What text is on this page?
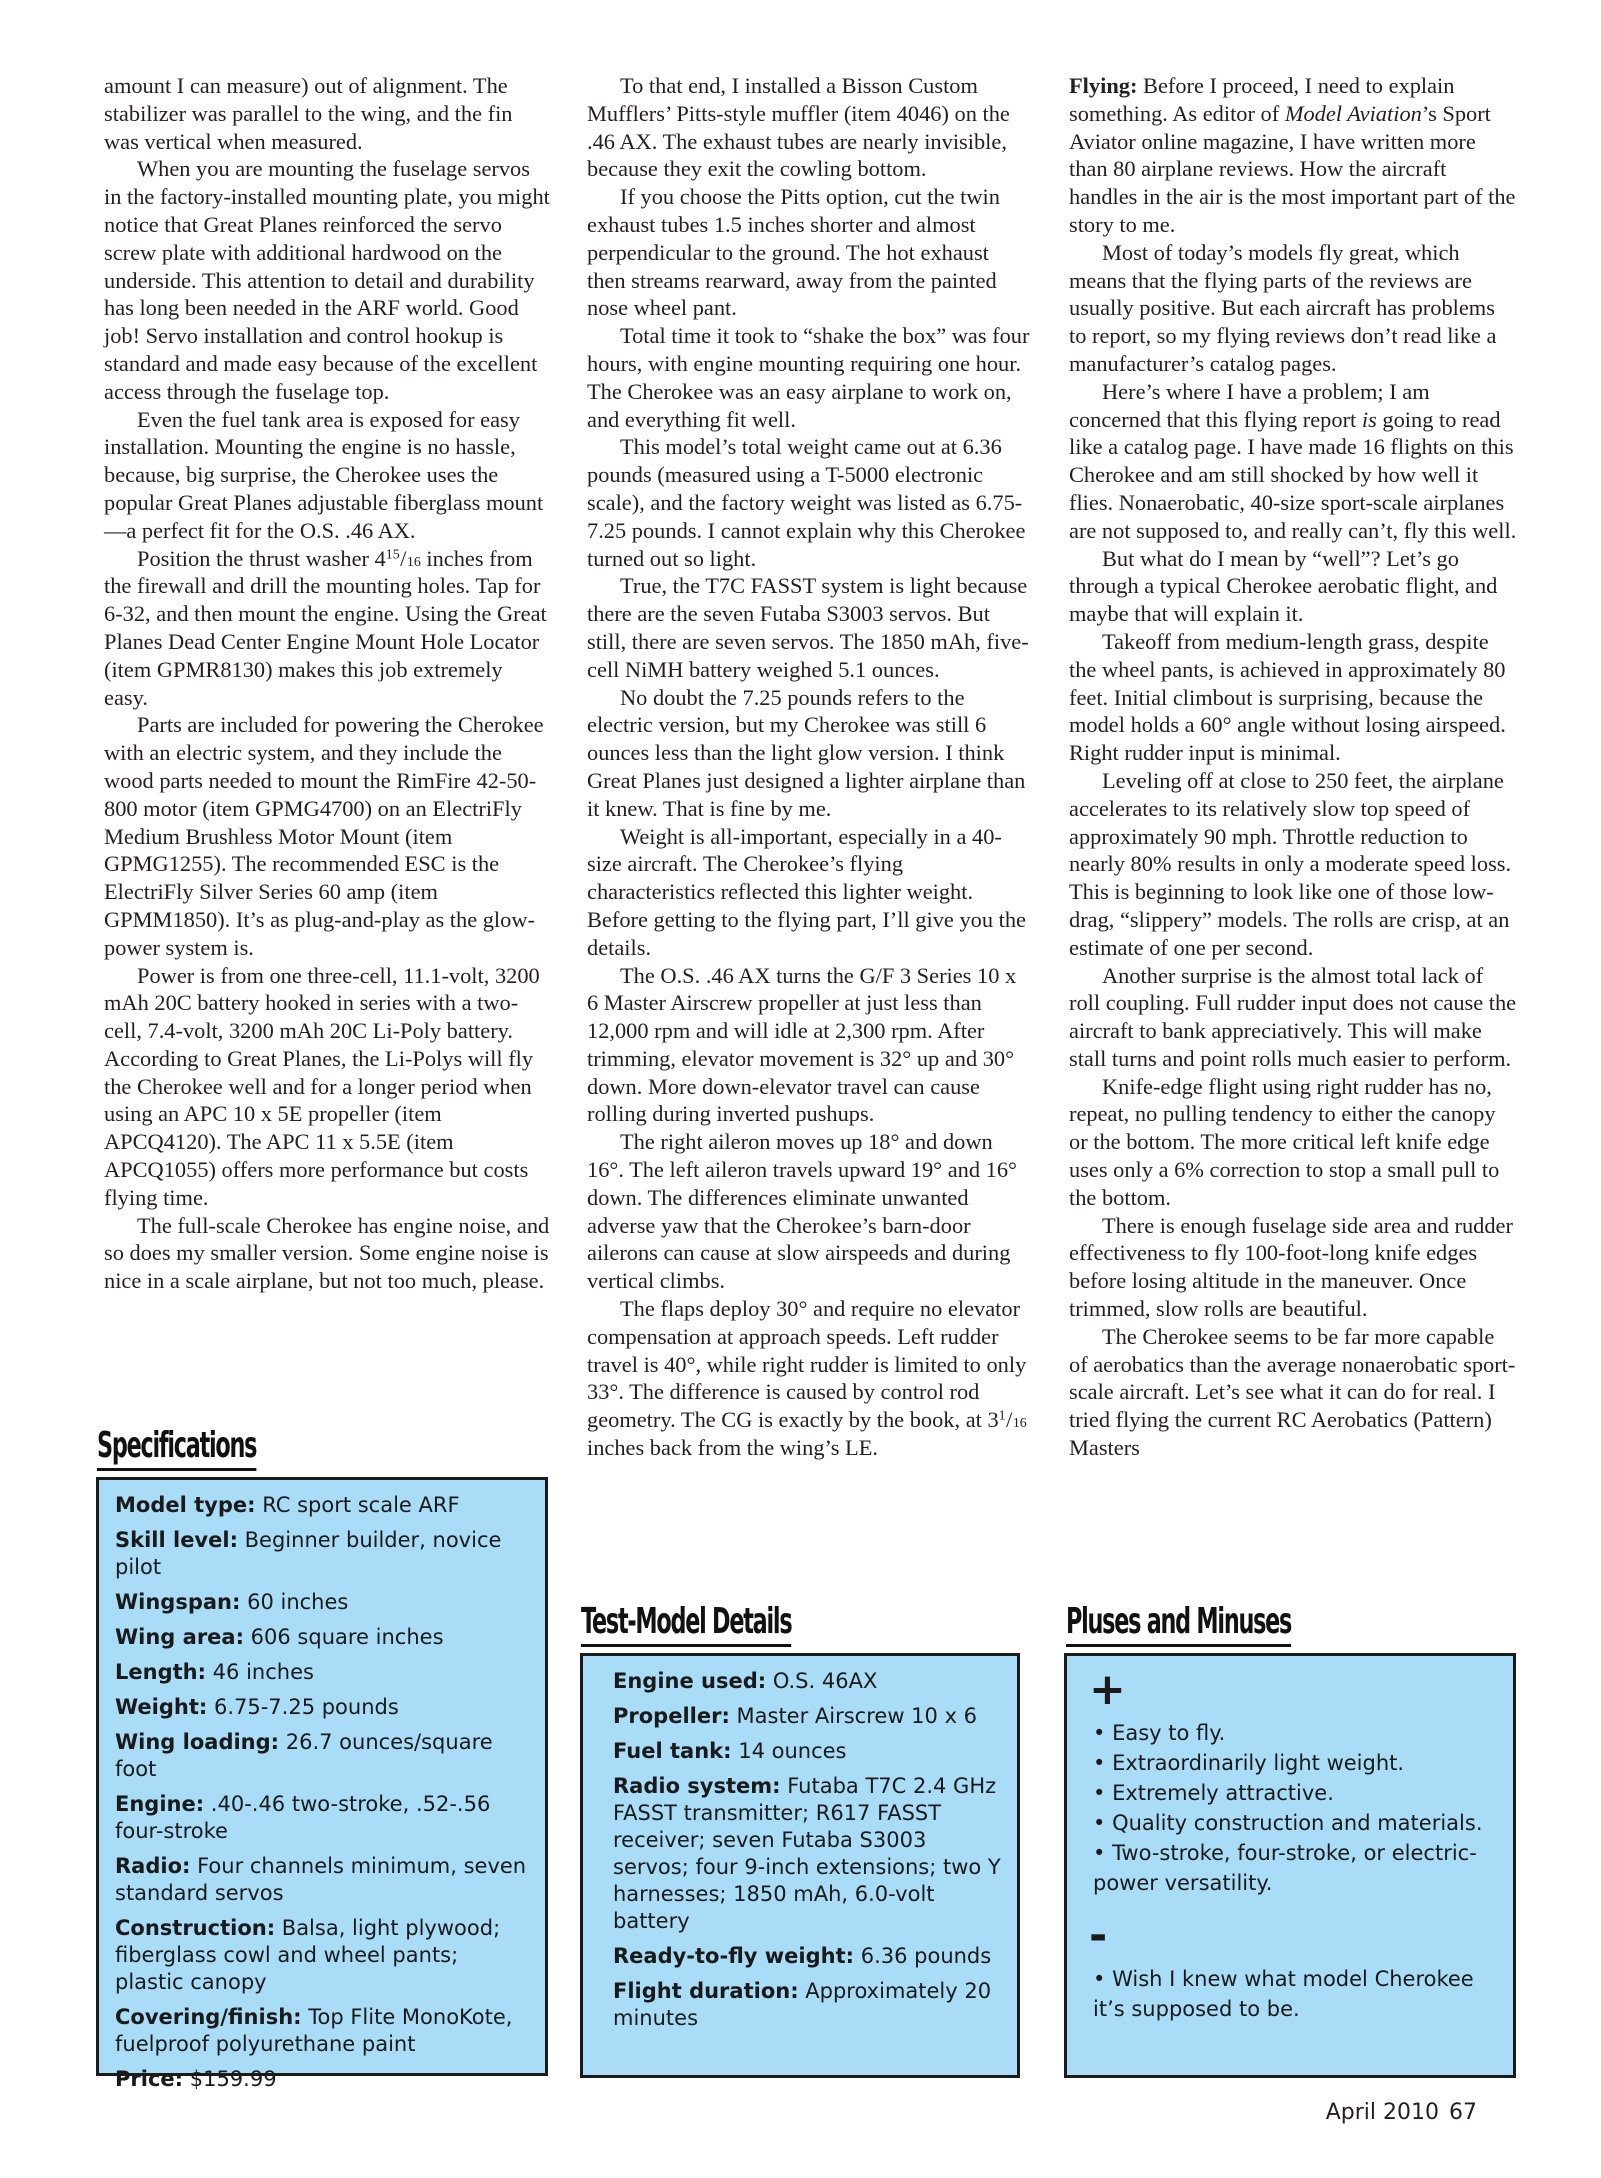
amount I can measure) out of alignment. The stabilizer was parallel to the wing, and the fin was vertical when measured.

When you are mounting the fuselage servos in the factory-installed mounting plate, you might notice that Great Planes reinforced the servo screw plate with additional hardwood on the underside. This attention to detail and durability has long been needed in the ARF world. Good job! Servo installation and control hookup is standard and made easy because of the excellent access through the fuselage top.

Even the fuel tank area is exposed for easy installation. Mounting the engine is no hassle, because, big surprise, the Cherokee uses the popular Great Planes adjustable fiberglass mount—a perfect fit for the O.S. .46 AX.

Position the thrust washer $4^{15}/16$ inches from the firewall and drill the mounting holes. Tap for 6-32, and then mount the engine. Using the Great Planes Dead Center Engine Mount Hole Locator (item GPMR8130) makes this job extremely easy.

Parts are included for powering the Cherokee with an electric system, and they include the wood parts needed to mount the RimFire 42-50-800 motor (item GPMG4700) on an ElectriFly Medium Brushless Motor Mount (item GPMG1255). The recommended ESC is the ElectriFly Silver Series 60 amp (item GPMM1850). It’s as plug-and-play as the glow-power system is.

Power is from one three-cell, 11.1-volt, 3200 mAh 20C battery hooked in series with a two-cell, 7.4-volt, 3200 mAh 20C Li-Poly battery. According to Great Planes, the Li-Polys will fly the Cherokee well and for a longer period when using an APC 10 x 5E propeller (item APCQ4120). The APC 11 x 5.5E (item APCQ1055) offers more performance but costs flying time.

The full-scale Cherokee has engine noise, and so does my smaller version. Some engine noise is nice in a scale airplane, but not too much, please.

To that end, I installed a Bisson Custom Mufflers’ Pitts-style muffler (item 4046) on the .46 AX. The exhaust tubes are nearly invisible, because they exit the cowling bottom.

If you choose the Pitts option, cut the twin exhaust tubes 1.5 inches shorter and almost perpendicular to the ground. The hot exhaust then streams rearward, away from the painted nose wheel pant.

Total time it took to “shake the box” was four hours, with engine mounting requiring one hour. The Cherokee was an easy airplane to work on, and everything fit well.

This model’s total weight came out at 6.36 pounds (measured using a T-5000 electronic scale), and the factory weight was listed as 6.75-7.25 pounds. I cannot explain why this Cherokee turned out so light.

True, the T7C FASST system is light because there are the seven Futaba S3003 servos. But still, there are seven servos. The 1850 mAh, five-cell NiMH battery weighed 5.1 ounces.

No doubt the 7.25 pounds refers to the electric version, but my Cherokee was still 6 ounces less than the light glow version. I think Great Planes just designed a lighter airplane than it knew. That is fine by me.

Weight is all-important, especially in a 40-size aircraft. The Cherokee’s flying characteristics reflected this lighter weight. Before getting to the flying part, I’ll give you the details.

The O.S. .46 AX turns the G/F 3 Series 10 x 6 Master Airscrew propeller at just less than 12,000 rpm and will idle at 2,300 rpm. After trimming, elevator movement is 32° up and 30° down. More down-elevator travel can cause rolling during inverted pushups.

The right aileron moves up 18° and down 16°. The left aileron travels upward 19° and 16° down. The differences eliminate unwanted adverse yaw that the Cherokee’s barn-door ailerons can cause at slow airspeeds and during vertical climbs.

The flaps deploy 30° and require no elevator compensation at approach speeds. Left rudder travel is 40°, while right rudder is limited to only 33°. The difference is caused by control rod geometry. The CG is exactly by the book, at $3^1/16$ inches back from the wing’s LE.

Flying: Before I proceed, I need to explain something. As editor of Model Aviation’s Sport Aviator online magazine, I have written more than 80 airplane reviews. How the aircraft handles in the air is the most important part of the story to me.

Most of today’s models fly great, which means that the flying parts of the reviews are usually positive. But each aircraft has problems to report, so my flying reviews don’t read like a manufacturer’s catalog pages.

Here’s where I have a problem; I am concerned that this flying report is going to read like a catalog page. I have made 16 flights on this Cherokee and am still shocked by how well it flies. Nonaerobatic, 40-size sport-scale airplanes are not supposed to, and really can’t, fly this well.

But what do I mean by “well”? Let’s go through a typical Cherokee aerobatic flight, and maybe that will explain it.

Takeoff from medium-length grass, despite the wheel pants, is achieved in approximately 80 feet. Initial climbout is surprising, because the model holds a 60° angle without losing airspeed. Right rudder input is minimal.

Leveling off at close to 250 feet, the airplane accelerates to its relatively slow top speed of approximately 90 mph. Throttle reduction to nearly 80% results in only a moderate speed loss. This is beginning to look like one of those low-drag, “slippery” models. The rolls are crisp, at an estimate of one per second.

Another surprise is the almost total lack of roll coupling. Full rudder input does not cause the aircraft to bank appreciatively. This will make stall turns and point rolls much easier to perform.

Knife-edge flight using right rudder has no, repeat, no pulling tendency to either the canopy or the bottom. The more critical left knife edge uses only a 6% correction to stop a small pull to the bottom.

There is enough fuselage side area and rudder effectiveness to fly 100-foot-long knife edges before losing altitude in the maneuver. Once trimmed, slow rolls are beautiful.

The Cherokee seems to be far more capable of aerobatics than the average nonaerobatic sport-scale aircraft. Let’s see what it can do for real. I tried flying the current RC Aerobatics (Pattern) Masters

Specifications
Model type: RC sport scale ARF
Skill level: Beginner builder, novice pilot
Wingspan: 60 inches
Wing area: 606 square inches
Length: 46 inches
Weight: 6.75-7.25 pounds
Wing loading: 26.7 ounces/square foot
Engine: .40-.46 two-stroke, .52-.56 four-stroke
Radio: Four channels minimum, seven standard servos
Construction: Balsa, light plywood; fiberglass cowl and wheel pants; plastic canopy
Covering/finish: Top Flite MonoKote, fuelproof polyurethane paint
Price: $159.99
Test-Model Details
Engine used: O.S. 46AX
Propeller: Master Airscrew 10 x 6
Fuel tank: 14 ounces
Radio system: Futaba T7C 2.4 GHz FASST transmitter; R617 FASST receiver; seven Futaba S3003 servos; four 9-inch extensions; two Y harnesses; 1850 mAh, 6.0-volt battery
Ready-to-fly weight: 6.36 pounds
Flight duration: Approximately 20 minutes
Pluses and Minuses
+
• Easy to fly.
• Extraordinarily light weight.
• Extremely attractive.
• Quality construction and materials.
• Two-stroke, four-stroke, or electric-power versatility.
-
• Wish I knew what model Cherokee it’s supposed to be.
April 2010 67
